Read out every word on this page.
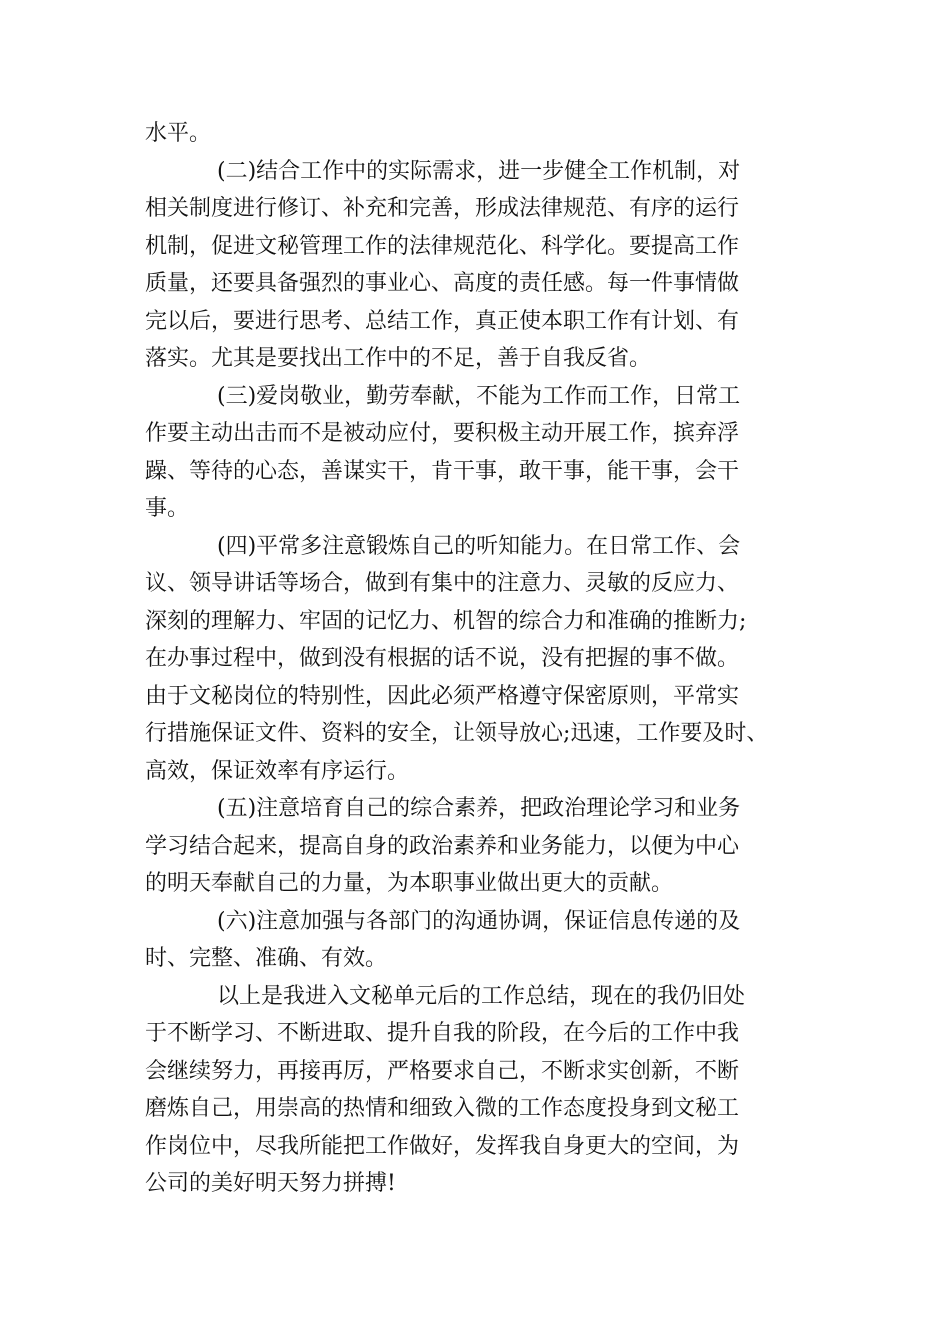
水平。
(二)结合工作中的实际需求，进一步健全工作机制，对
相关制度进行修订、补充和完善，形成法律规范、有序的运行
机制，促进文秘管理工作的法律规范化、科学化。要提高工作
质量，还要具备强烈的事业心、高度的责任感。每一件事情做
完以后，要进行思考、总结工作，真正使本职工作有计划、有
落实。尤其是要找出工作中的不足，善于自我反省。
(三)爱岗敬业，勤劳奉献，不能为工作而工作，日常工
作要主动出击而不是被动应付，要积极主动开展工作，摈弃浮
躁、等待的心态，善谋实干，肯干事，敢干事，能干事，会干
事。
(四)平常多注意锻炼自己的听知能力。在日常工作、会
议、领导讲话等场合，做到有集中的注意力、灵敏的反应力、
深刻的理解力、牢固的记忆力、机智的综合力和准确的推断力;
在办事过程中，做到没有根据的话不说，没有把握的事不做。
由于文秘岗位的特别性，因此必须严格遵守保密原则，平常实
行措施保证文件、资料的安全，让领导放心;迅速，工作要及时、
高效，保证效率有序运行。
(五)注意培育自己的综合素养，把政治理论学习和业务
学习结合起来，提高自身的政治素养和业务能力，以便为中心
的明天奉献自己的力量，为本职事业做出更大的贡献。
(六)注意加强与各部门的沟通协调，保证信息传递的及
时、完整、准确、有效。
以上是我进入文秘单元后的工作总结，现在的我仍旧处
于不断学习、不断进取、提升自我的阶段，在今后的工作中我
会继续努力，再接再厉，严格要求自己，不断求实创新，不断
磨炼自己，用崇高的热情和细致入微的工作态度投身到文秘工
作岗位中，尽我所能把工作做好，发挥我自身更大的空间，为
公司的美好明天努力拼搏!
